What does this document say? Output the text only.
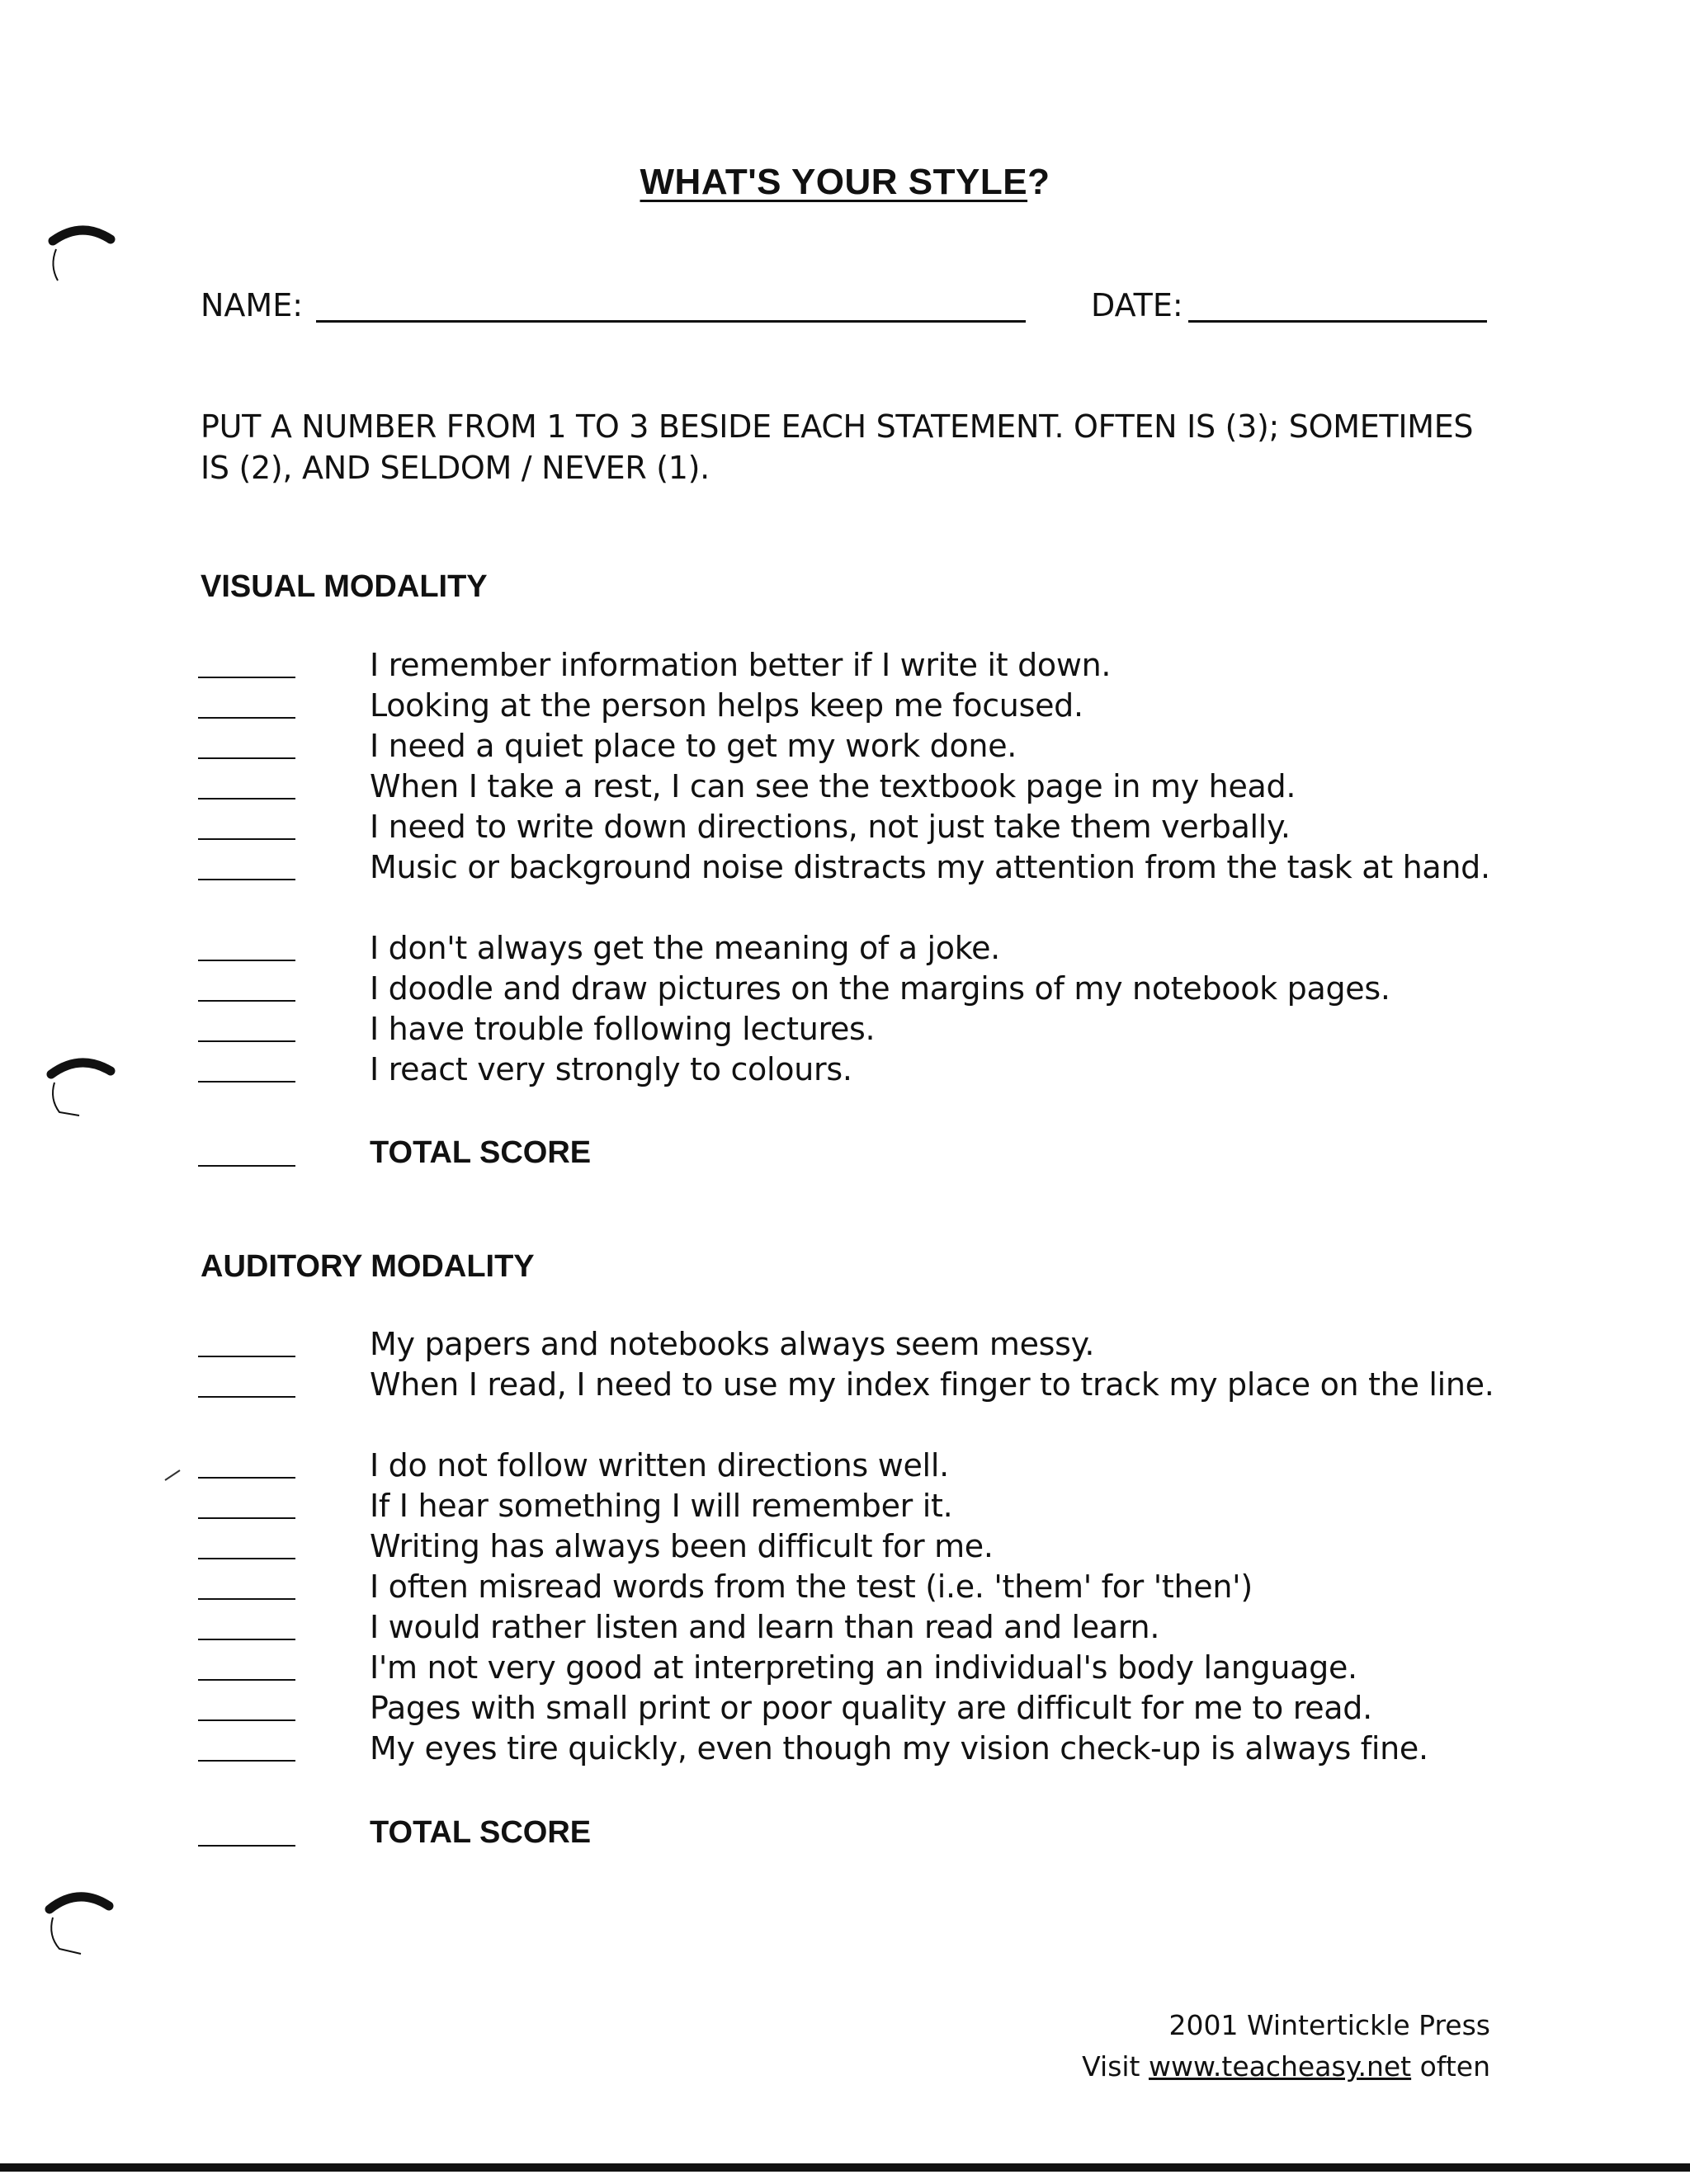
WHAT'S YOUR STYLE?
NAME:	DATE:
PUT A NUMBER FROM 1 TO 3 BESIDE EACH STATEMENT. OFTEN IS (3); SOMETIMES IS (2), AND SELDOM / NEVER (1).
VISUAL MODALITY
I remember information better if I write it down.
Looking at the person helps keep me focused.
I need a quiet place to get my work done.
When I take a rest, I can see the textbook page in my head.
I need to write down directions, not just take them verbally.
Music or background noise distracts my attention from the task at hand.
I don't always get the meaning of a joke.
I doodle and draw pictures on the margins of my notebook pages.
I have trouble following lectures.
I react very strongly to colours.
TOTAL SCORE
AUDITORY MODALITY
My papers and notebooks always seem messy.
When I read, I need to use my index finger to track my place on the line.
I do not follow written directions well.
If I hear something I will remember it.
Writing has always been difficult for me.
I often misread words from the test (i.e. 'them' for 'then')
I would rather listen and learn than read and learn.
I'm not very good at interpreting an individual's body language.
Pages with small print or poor quality are difficult for me to read.
My eyes tire quickly, even though my vision check-up is always fine.
TOTAL SCORE
2001 Wintertickle Press
Visit www.teacheasy.net often
